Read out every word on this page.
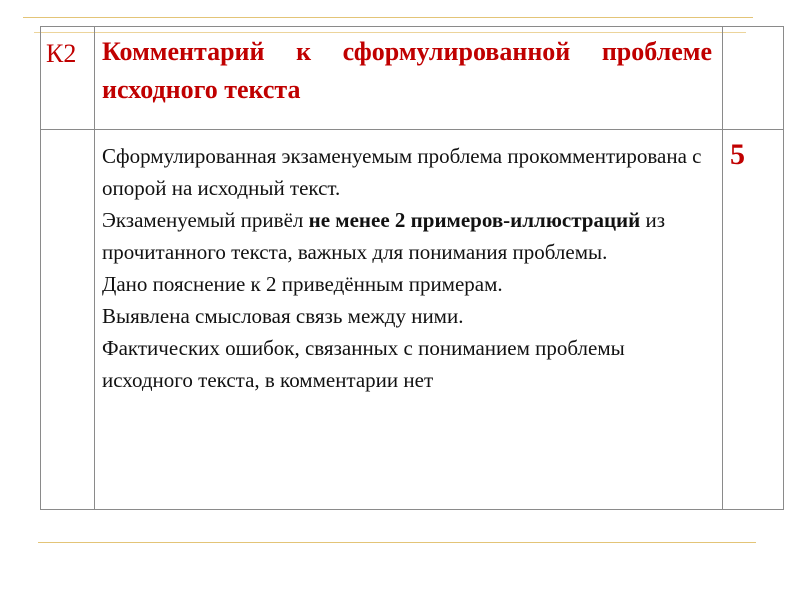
К2	Комментарий к сформулированной проблеме исходного текста	

	Сформулированная экзаменуемым проблема прокомментирована с опорой на исходный текст.
Экзаменуемый привёл не менее 2 примеров-иллюстраций из прочитанного текста, важных для понимания проблемы.
Дано пояснение к 2 приведённым примерам.
Выявлена смысловая связь между ними.
Фактических ошибок, связанных с пониманием проблемы исходного текста, в комментарии нет	5
